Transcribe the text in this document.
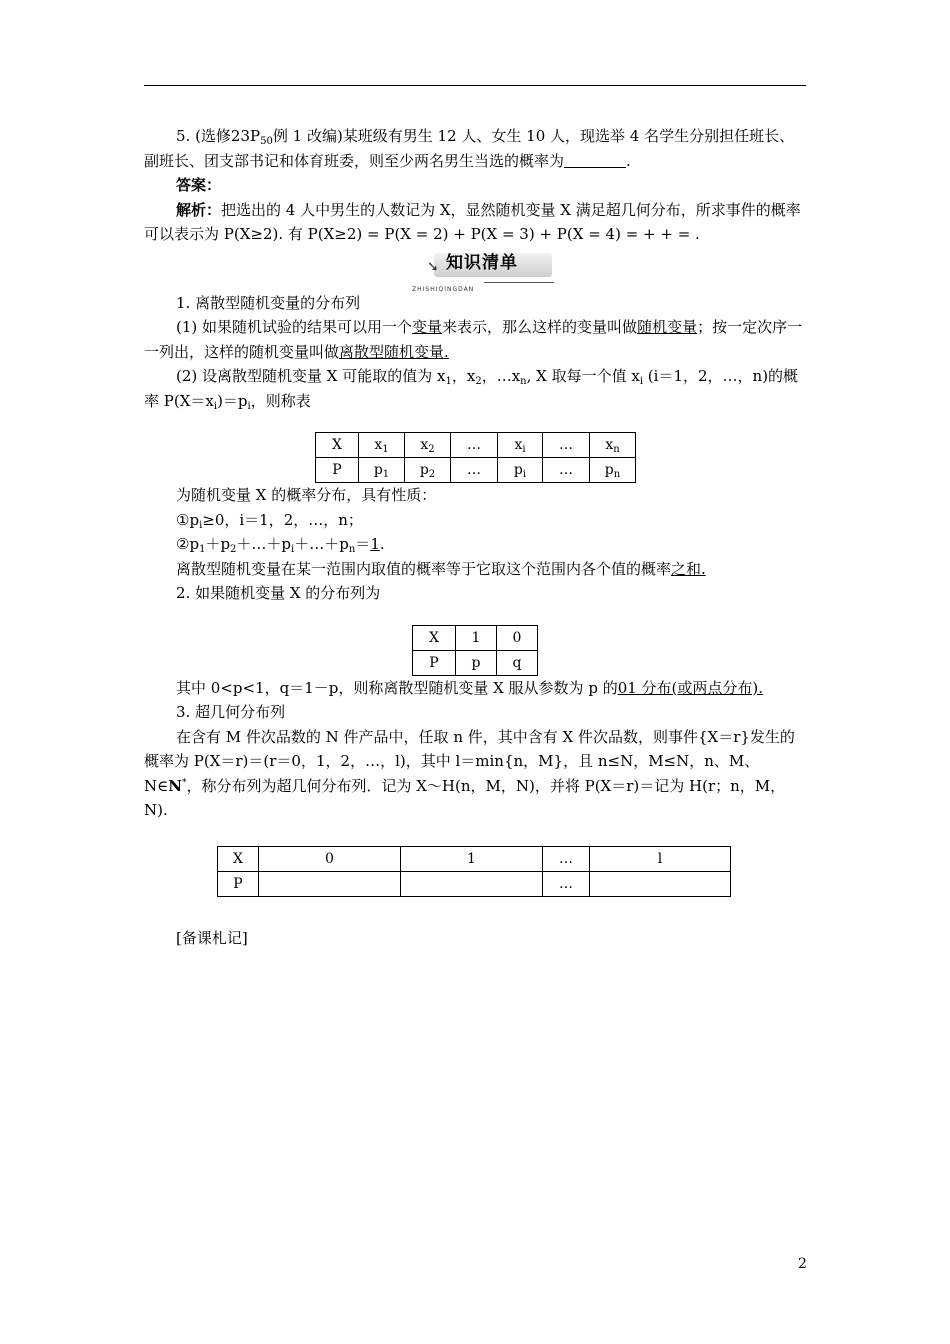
5. (选修$23P_{50}$例 1 改编)某班级有男生 12 人、女生 10 人，现选举 4 名学生分别担任班长、副班长、团支部书记和体育班委，则至少两名男生当选的概率为	.

答案：

解析：把选出的 4 人中男生的人数记为 X，显然随机变量 X 满足超几何分布，所求事件的概率可以表示为 P(X≥2). 有 P(X≥2) = P(X = 2) + P(X = 3) + P(X = 4) = + + = .

➘ 知识清单
ZHISHIQINGDAN

1. 离散型随机变量的分布列

(1) 如果随机试验的结果可以用一个变量来表示，那么这样的变量叫做随机变量；按一定次序一一列出，这样的随机变量叫做离散型随机变量.

(2) 设离散型随机变量 X 可能取的值为 $x_1$，$x_2$，$\dots x_n$, X 取每一个值 $x_i$ (i＝1，2，…，n)的概率 $P(X=x_i)=p_i$，则称表

X	$x_1$	$x_2$	…	$x_i$	…	$x_n$
P	$p_1$	$p_2$	…	$p_i$	…	$p_n$

为随机变量 X 的概率分布，具有性质：

$①p_i\ge 0$，i＝1，2，…，n；

$②p_1+p_2+\dots+p_i+\dots+p_n=1$.

离散型随机变量在某一范围内取值的概率等于它取这个范围内各个值的概率之和.

2. 如果随机变量 X 的分布列为

X	1	0
P	p	q

其中 0<p<1，q＝1－p，则称离散型随机变量 X 服从参数为 p 的01 分布(或两点分布).

3. 超几何分布列

在含有 M 件次品数的 N 件产品中，任取 n 件，其中含有 X 件次品数，则事件{X＝r}发生的概率为 P(X＝r)＝(r＝0，1，2，…，l)，其中 l＝min{n，M}，且 n≤N，M≤N，n、M、N∈N*，称分布列为超几何分布列．记为 X～H(n，M，N)，并将 P(X＝r)＝记为 H(r；n，M，N).

X	0	1	…	l
P			…	

[备课札记]

2
